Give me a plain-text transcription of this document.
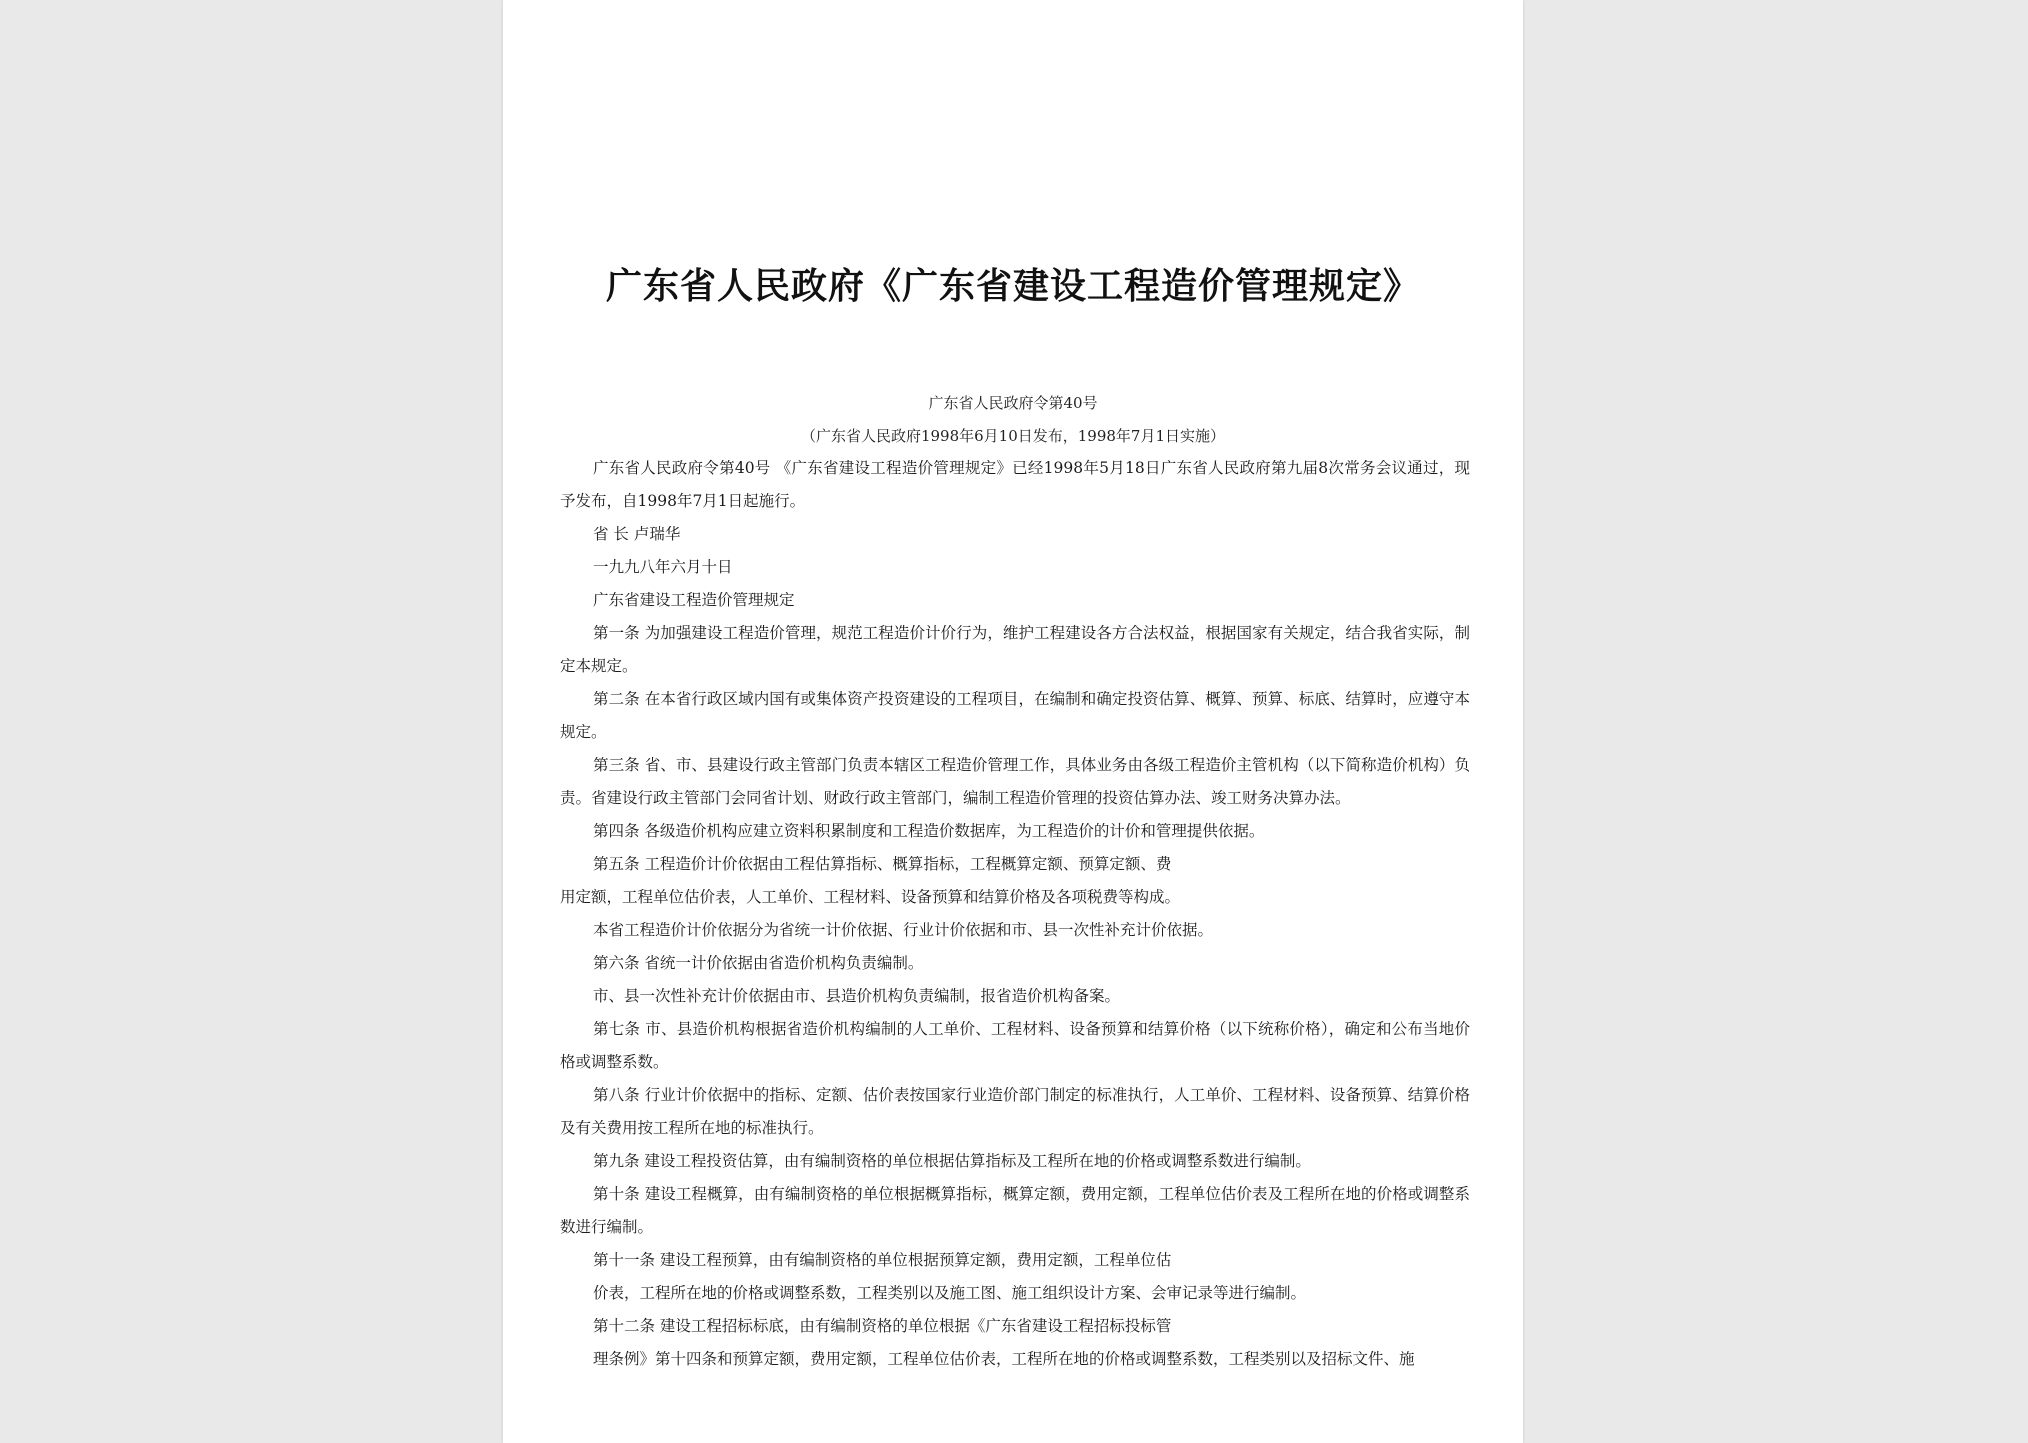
广东省人民政府《广东省建设工程造价管理规定》

广东省人民政府令第40号

（广东省人民政府1998年6月10日发布，1998年7月1日实施）

广东省人民政府令第40号 《广东省建设工程造价管理规定》已经1998年5月18日广东省人民政府第九届8次常务会议通过，现予发布，自1998年7月1日起施行。

省 长 卢瑞华

一九九八年六月十日

广东省建设工程造价管理规定

第一条 为加强建设工程造价管理，规范工程造价计价行为，维护工程建设各方合法权益，根据国家有关规定，结合我省实际，制定本规定。

第二条 在本省行政区域内国有或集体资产投资建设的工程项目，在编制和确定投资估算、概算、预算、标底、结算时，应遵守本规定。

第三条 省、市、县建设行政主管部门负责本辖区工程造价管理工作，具体业务由各级工程造价主管机构（以下简称造价机构）负责。省建设行政主管部门会同省计划、财政行政主管部门，编制工程造价管理的投资估算办法、竣工财务决算办法。

第四条 各级造价机构应建立资料积累制度和工程造价数据库，为工程造价的计价和管理提供依据。

第五条 工程造价计价依据由工程估算指标、概算指标，工程概算定额、预算定额、费

用定额，工程单位估价表，人工单价、工程材料、设备预算和结算价格及各项税费等构成。

本省工程造价计价依据分为省统一计价依据、行业计价依据和市、县一次性补充计价依据。

第六条 省统一计价依据由省造价机构负责编制。

市、县一次性补充计价依据由市、县造价机构负责编制，报省造价机构备案。

第七条 市、县造价机构根据省造价机构编制的人工单价、工程材料、设备预算和结算价格（以下统称价格），确定和公布当地价格或调整系数。

第八条 行业计价依据中的指标、定额、估价表按国家行业造价部门制定的标准执行，人工单价、工程材料、设备预算、结算价格及有关费用按工程所在地的标准执行。

第九条 建设工程投资估算，由有编制资格的单位根据估算指标及工程所在地的价格或调整系数进行编制。

第十条 建设工程概算，由有编制资格的单位根据概算指标，概算定额，费用定额，工程单位估价表及工程所在地的价格或调整系数进行编制。

第十一条 建设工程预算，由有编制资格的单位根据预算定额，费用定额，工程单位估

价表，工程所在地的价格或调整系数，工程类别以及施工图、施工组织设计方案、会审记录等进行编制。

第十二条 建设工程招标标底，由有编制资格的单位根据《广东省建设工程招标投标管

理条例》第十四条和预算定额，费用定额，工程单位估价表，工程所在地的价格或调整系数，工程类别以及招标文件、施
